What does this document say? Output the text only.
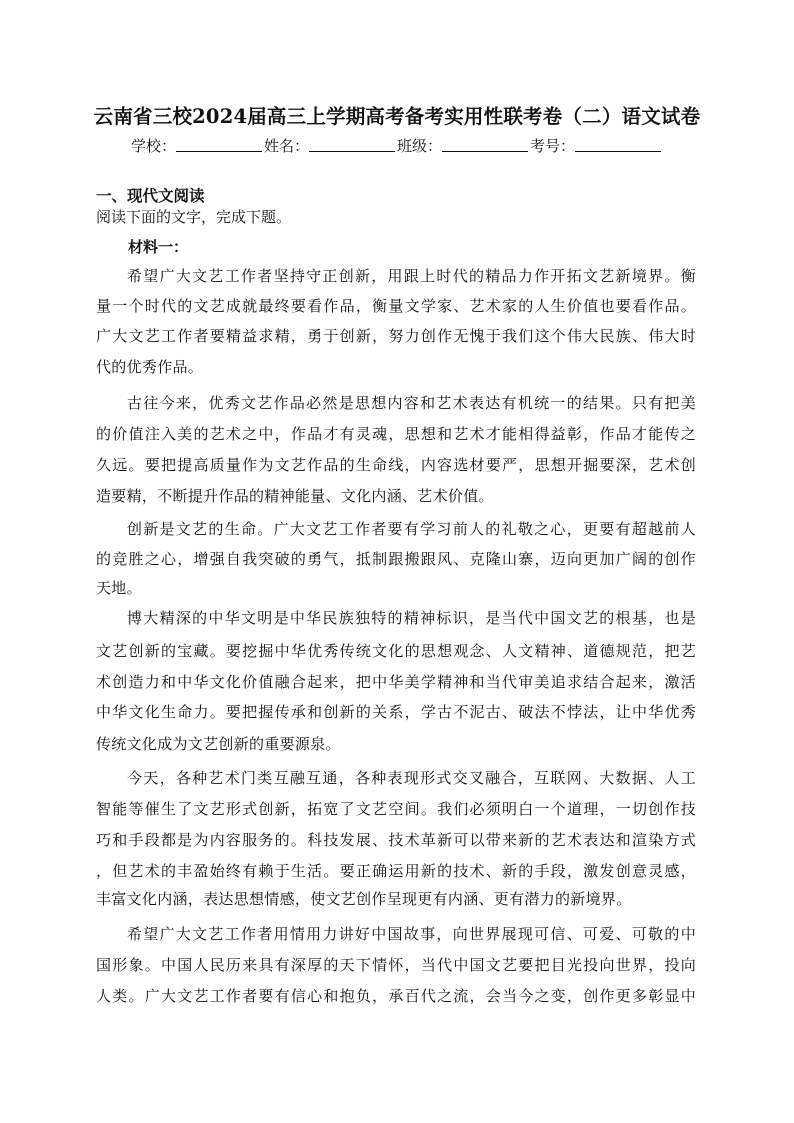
云南省三校2024届高三上学期高考备考实用性联考卷（二）语文试卷
学校：	姓名：	班级：	考号：
一、现代文阅读
阅读下面的文字，完成下题。
材料一：
希望广大文艺工作者坚持守正创新，用跟上时代的精品力作开拓文艺新境界。衡
量一个时代的文艺成就最终要看作品，衡量文学家、艺术家的人生价值也要看作品。
广大文艺工作者要精益求精，勇于创新，努力创作无愧于我们这个伟大民族、伟大时
代的优秀作品。
古往今来，优秀文艺作品必然是思想内容和艺术表达有机统一的结果。只有把美
的价值注入美的艺术之中，作品才有灵魂，思想和艺术才能相得益彰，作品才能传之
久远。要把提高质量作为文艺作品的生命线，内容选材要严，思想开掘要深，艺术创
造要精，不断提升作品的精神能量、文化内涵、艺术价值。
创新是文艺的生命。广大文艺工作者要有学习前人的礼敬之心，更要有超越前人
的竞胜之心，增强自我突破的勇气，抵制跟搬跟风、克隆山寨，迈向更加广阔的创作
天地。
博大精深的中华文明是中华民族独特的精神标识，是当代中国文艺的根基，也是
文艺创新的宝藏。要挖掘中华优秀传统文化的思想观念、人文精神、道德规范，把艺
术创造力和中华文化价值融合起来，把中华美学精神和当代审美追求结合起来，激活
中华文化生命力。要把握传承和创新的关系，学古不泥古、破法不悖法，让中华优秀
传统文化成为文艺创新的重要源泉。
今天，各种艺术门类互融互通，各种表现形式交叉融合，互联网、大数据、人工
智能等催生了文艺形式创新，拓宽了文艺空间。我们必须明白一个道理，一切创作技
巧和手段都是为内容服务的。科技发展、技术革新可以带来新的艺术表达和渲染方式
，但艺术的丰盈始终有赖于生活。要正确运用新的技术、新的手段，激发创意灵感，
丰富文化内涵，表达思想情感，使文艺创作呈现更有内涵、更有潜力的新境界。
希望广大文艺工作者用情用力讲好中国故事，向世界展现可信、可爱、可敬的中
国形象。中国人民历来具有深厚的天下情怀，当代中国文艺要把目光投向世界，投向
人类。广大文艺工作者要有信心和抱负，承百代之流，会当今之变，创作更多彰显中
